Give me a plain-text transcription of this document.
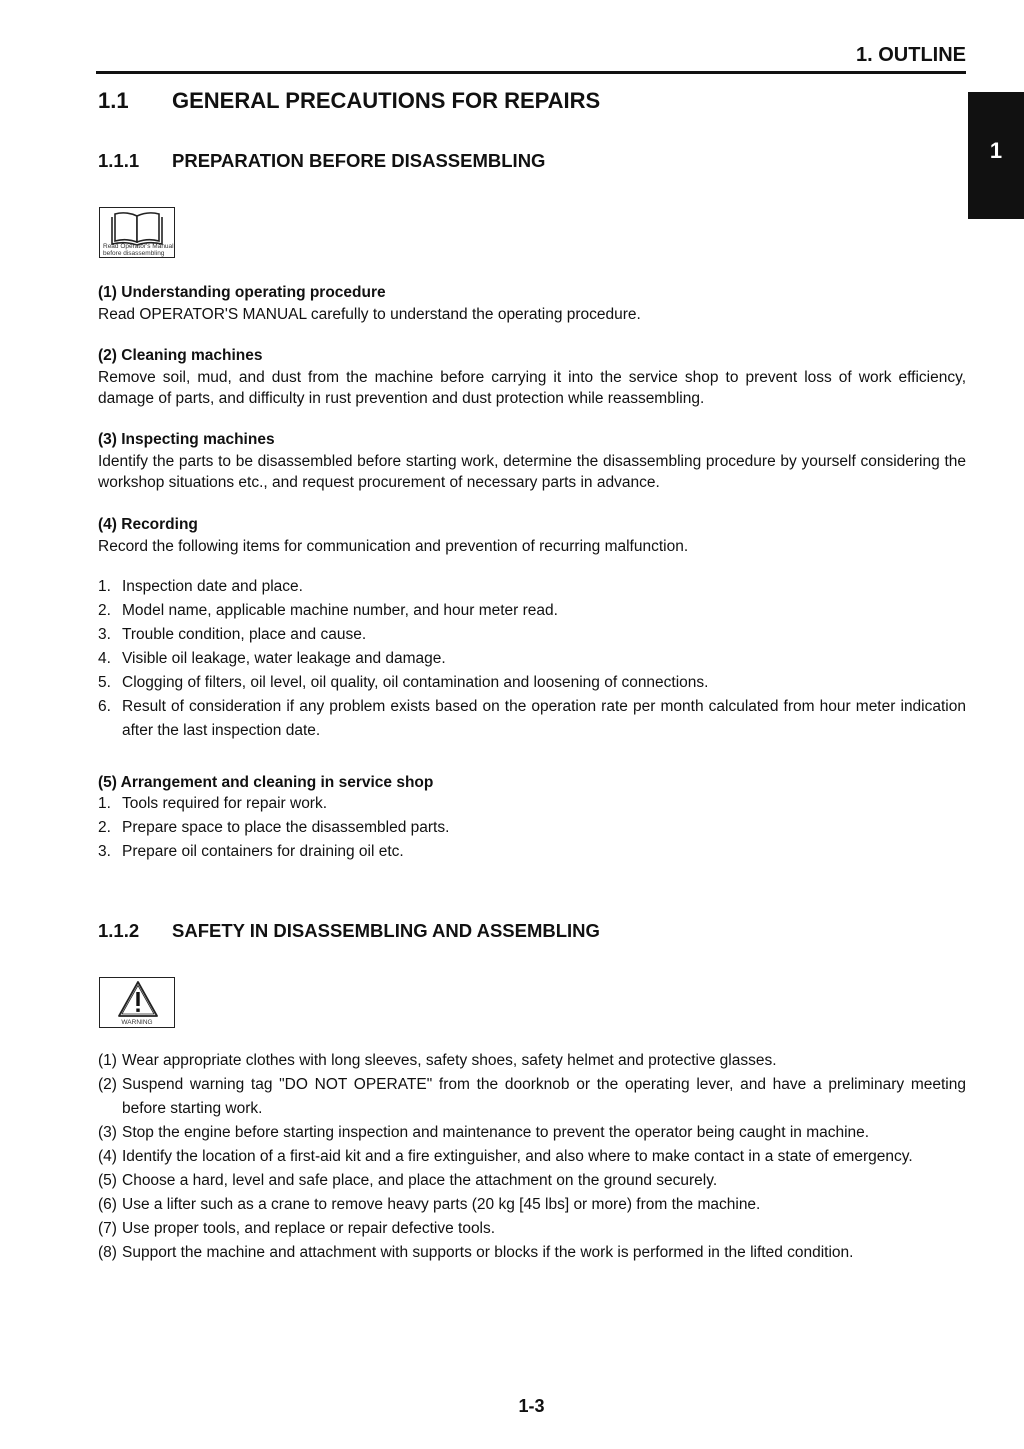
1. OUTLINE
1
1.1 GENERAL PRECAUTIONS FOR REPAIRS
1.1.1 PREPARATION BEFORE DISASSEMBLING
Read Operator's Manual
before disassembling
(1) Understanding operating procedure
Read OPERATOR'S MANUAL carefully to understand the operating procedure.
(2) Cleaning machines
Remove soil, mud, and dust from the machine before carrying it into the service shop to prevent loss of work efficiency, damage of parts, and difficulty in rust prevention and dust protection while reassembling.
(3) Inspecting machines
Identify the parts to be disassembled before starting work, determine the disassembling procedure by yourself considering the workshop situations etc., and request procurement of necessary parts in advance.
(4) Recording
Record the following items for communication and prevention of recurring malfunction.
1. Inspection date and place.
2. Model name, applicable machine number, and hour meter read.
3. Trouble condition, place and cause.
4. Visible oil leakage, water leakage and damage.
5. Clogging of filters, oil level, oil quality, oil contamination and loosening of connections.
6. Result of consideration if any problem exists based on the operation rate per month calculated from hour meter indication after the last inspection date.
(5) Arrangement and cleaning in service shop
1. Tools required for repair work.
2. Prepare space to place the disassembled parts.
3. Prepare oil containers for draining oil etc.
1.1.2 SAFETY IN DISASSEMBLING AND ASSEMBLING
WARNING
(1) Wear appropriate clothes with long sleeves, safety shoes, safety helmet and protective glasses.
(2) Suspend warning tag "DO NOT OPERATE" from the doorknob or the operating lever, and have a preliminary meeting before starting work.
(3) Stop the engine before starting inspection and maintenance to prevent the operator being caught in machine.
(4) Identify the location of a first-aid kit and a fire extinguisher, and also where to make contact in a state of emergency.
(5) Choose a hard, level and safe place, and place the attachment on the ground securely.
(6) Use a lifter such as a crane to remove heavy parts (20 kg [45 lbs] or more) from the machine.
(7) Use proper tools, and replace or repair defective tools.
(8) Support the machine and attachment with supports or blocks if the work is performed in the lifted condition.
1-3
